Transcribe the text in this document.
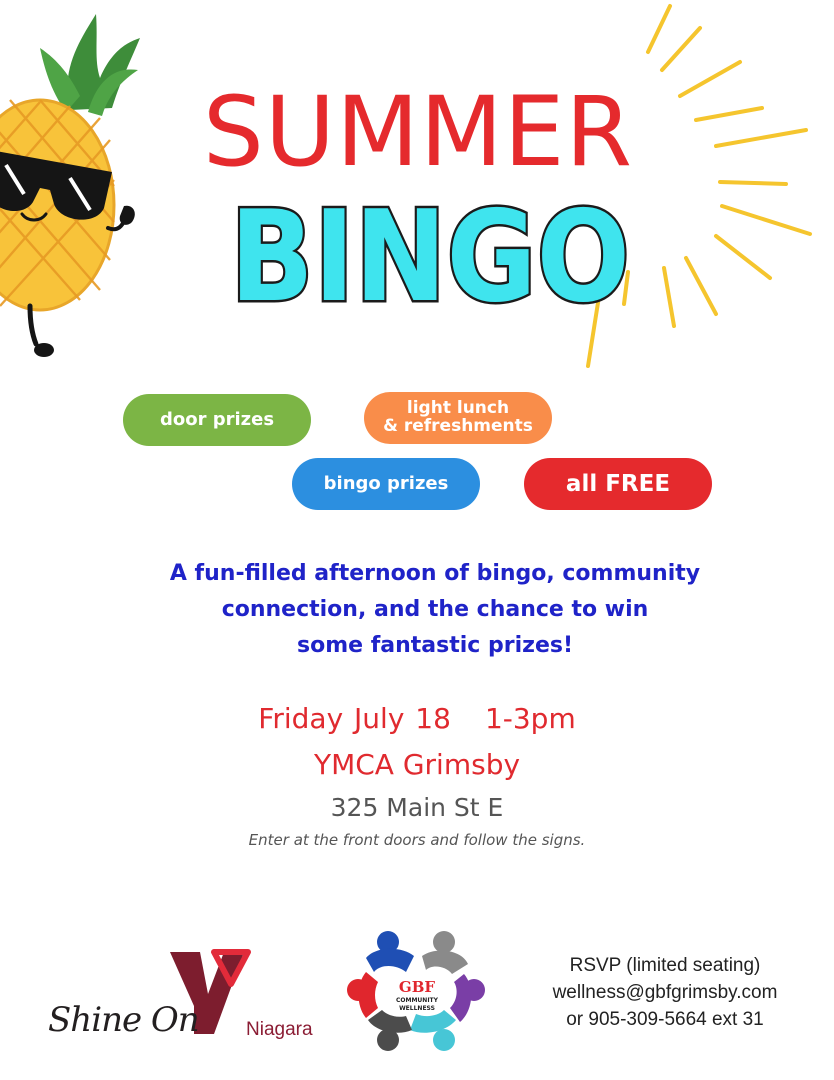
SUMMER
BINGO
door prizes
light lunch
& refreshments
bingo prizes	all FREE
A fun-filled afternoon of bingo, community
connection, and the chance to win
some fantastic prizes!
Friday July 18 1-3pm
YMCA Grimsby
325 Main St E
Enter at the front doors and follow the signs.
Shine On Niagara
GBF
COMMUNITY
WELLNESS
RSVP (limited seating)
wellness@gbfgrimsby.com
or 905-309-5664 ext 31
